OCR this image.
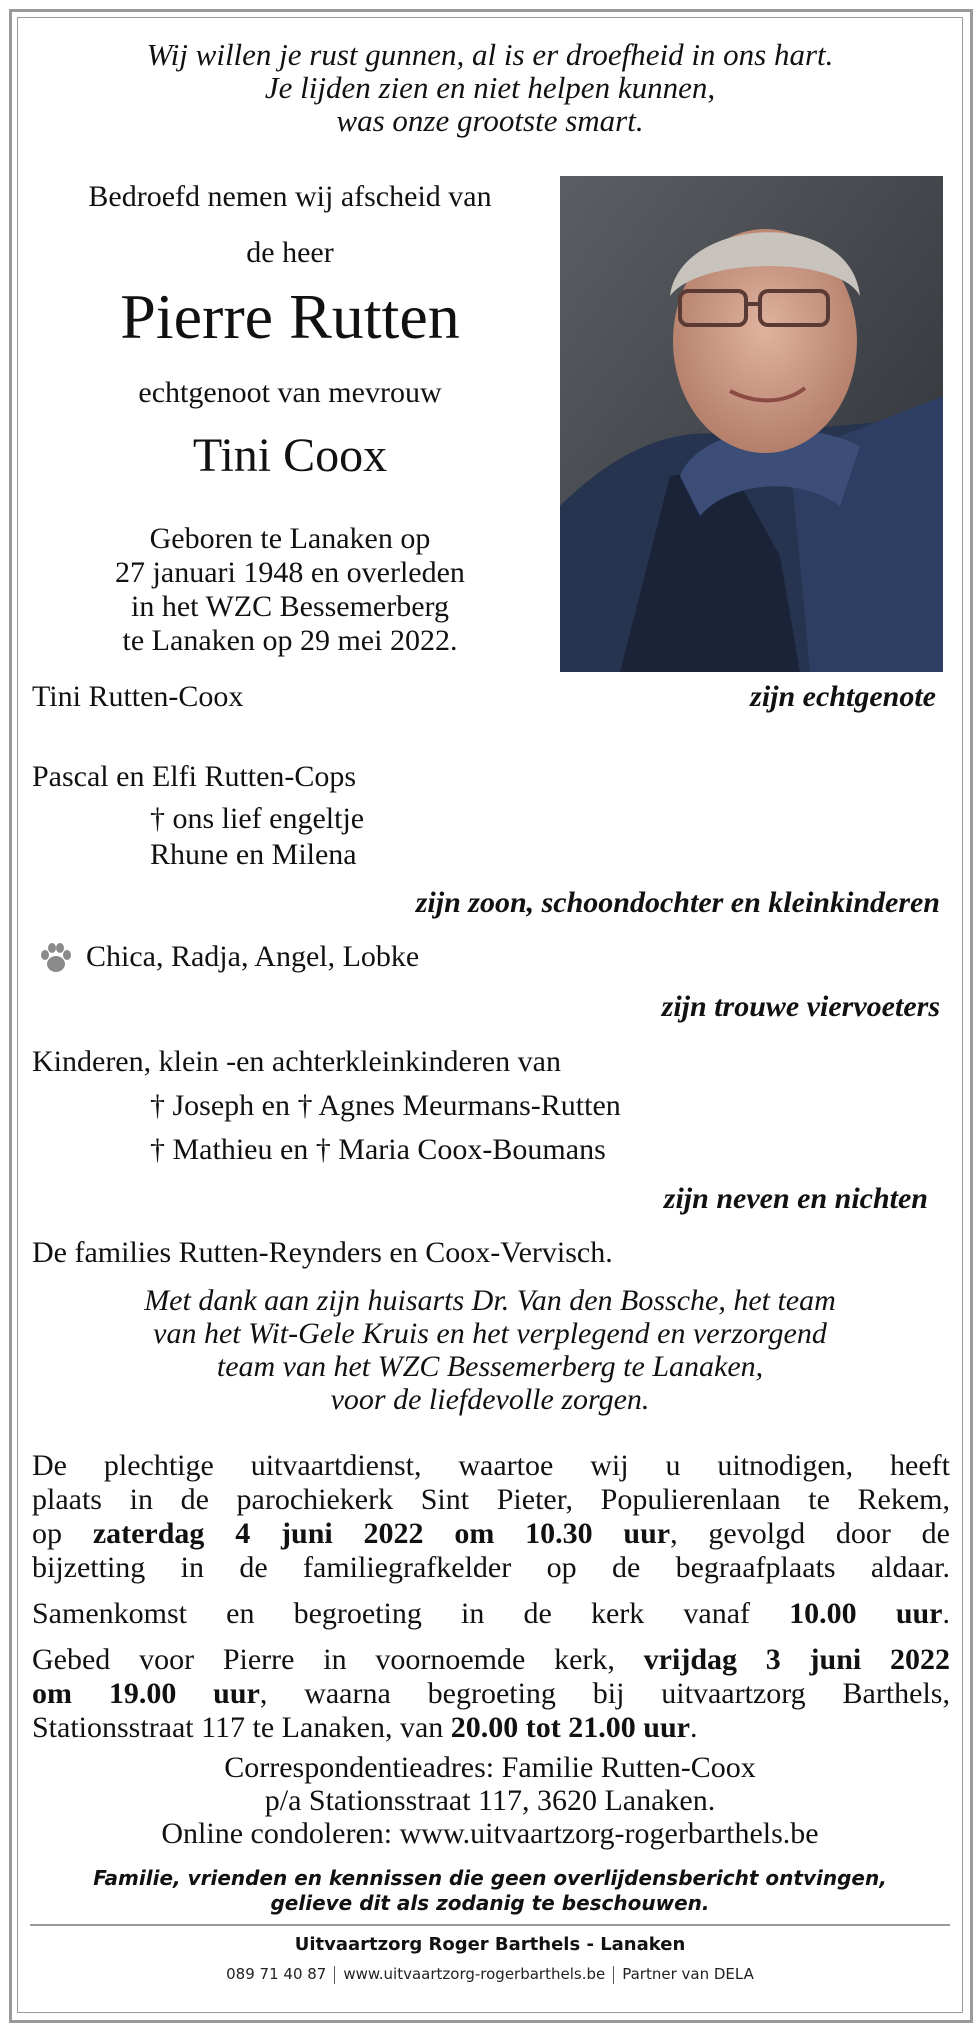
Wij willen je rust gunnen, al is er droefheid in ons hart.
Je lijden zien en niet helpen kunnen,
was onze grootste smart.
Bedroefd nemen wij afscheid van
de heer
Pierre Rutten
echtgenoot van mevrouw
Tini Coox
Geboren te Lanaken op
27 januari 1948 en overleden
in het WZC Bessemerberg
te Lanaken op 29 mei 2022.
Tini Rutten-Coox	zijn echtgenote
Pascal en Elfi Rutten-Cops
† ons lief engeltje
Rhune en Milena
zijn zoon, schoondochter en kleinkinderen
Chica, Radja, Angel, Lobke
zijn trouwe viervoeters
Kinderen, klein -en achterkleinkinderen van
† Joseph en † Agnes Meurmans-Rutten
† Mathieu en † Maria Coox-Boumans
zijn neven en nichten
De families Rutten-Reynders en Coox-Vervisch.
Met dank aan zijn huisarts Dr. Van den Bossche, het team
van het Wit-Gele Kruis en het verplegend en verzorgend
team van het WZC Bessemerberg te Lanaken,
voor de liefdevolle zorgen.
De plechtige uitvaartdienst, waartoe wij u uitnodigen, heeft
plaats in de parochiekerk Sint Pieter, Populierenlaan te Rekem,
op zaterdag 4 juni 2022 om 10.30 uur, gevolgd door de
bijzetting in de familiegrafkelder op de begraafplaats aldaar.
Samenkomst en begroeting in de kerk vanaf 10.00 uur.
Gebed voor Pierre in voornoemde kerk, vrijdag 3 juni 2022
om 19.00 uur, waarna begroeting bij uitvaartzorg Barthels,
Stationsstraat 117 te Lanaken, van 20.00 tot 21.00 uur.
Correspondentieadres: Familie Rutten-Coox
p/a Stationsstraat 117, 3620 Lanaken.
Online condoleren: www.uitvaartzorg-rogerbarthels.be
Familie, vrienden en kennissen die geen overlijdensbericht ontvingen,
gelieve dit als zodanig te beschouwen.
Uitvaartzorg Roger Barthels - Lanaken
089 71 40 87 www.uitvaartzorg-rogerbarthels.be Partner van DELA
